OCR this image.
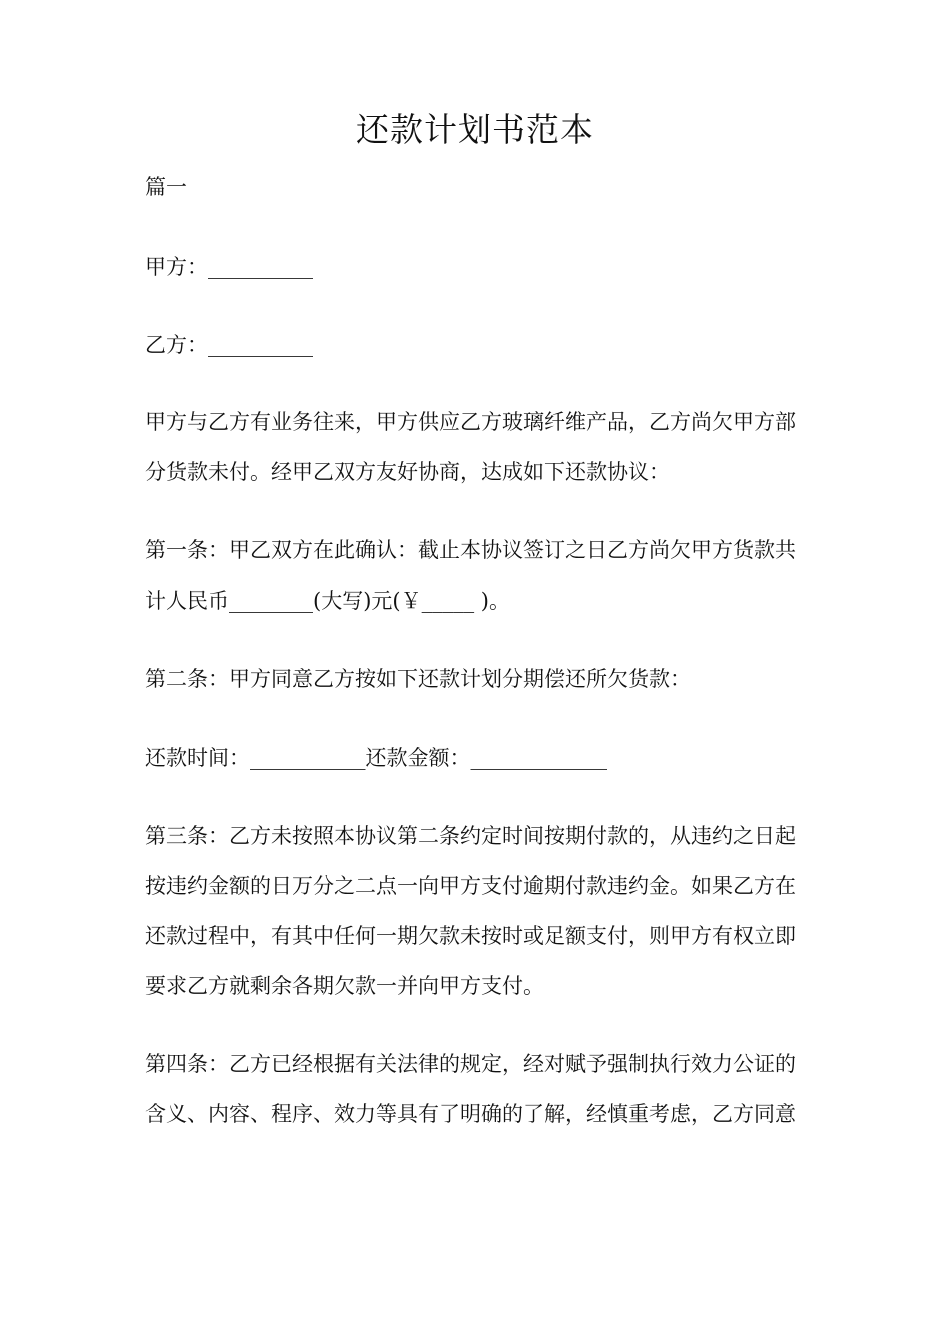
还款计划书范本

篇一

甲方：__________

乙方：__________

甲方与乙方有业务往来，甲方供应乙方玻璃纤维产品，乙方尚欠甲方部

分货款未付。经甲乙双方友好协商，达成如下还款协议：

第一条：甲乙双方在此确认：截止本协议签订之日乙方尚欠甲方货款共

计人民币________(大写)元(￥_____ )。

第二条：甲方同意乙方按如下还款计划分期偿还所欠货款：

还款时间：___________还款金额：_____________

第三条：乙方未按照本协议第二条约定时间按期付款的，从违约之日起

按违约金额的日万分之二点一向甲方支付逾期付款违约金。如果乙方在

还款过程中，有其中任何一期欠款未按时或足额支付，则甲方有权立即

要求乙方就剩余各期欠款一并向甲方支付。

第四条：乙方已经根据有关法律的规定，经对赋予强制执行效力公证的

含义、内容、程序、效力等具有了明确的了解，经慎重考虑，乙方同意
